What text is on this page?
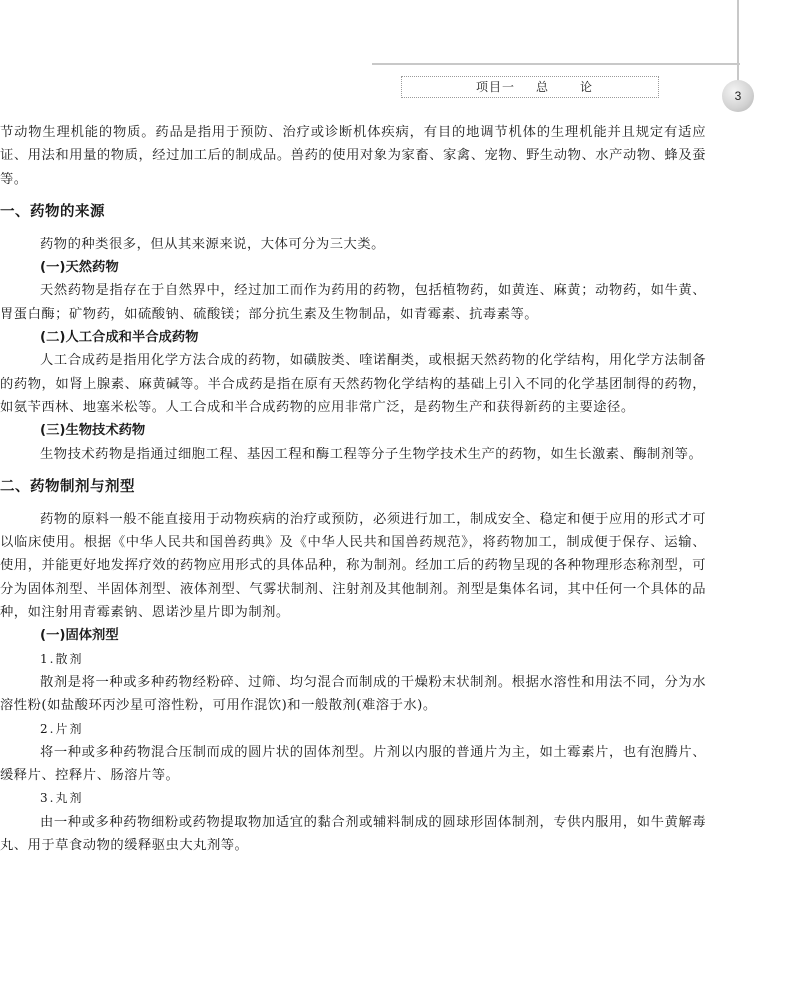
项目一 总	论
3

节动物生理机能的物质。药品是指用于预防、治疗或诊断机体疾病，有目的地调节机体的生理机能并且规定有适应证、用法和用量的物质，经过加工后的制成品。兽药的使用对象为家畜、家禽、宠物、野生动物、水产动物、蜂及蚕等。

一、药物的来源

药物的种类很多，但从其来源来说，大体可分为三大类。

(一)天然药物

天然药物是指存在于自然界中，经过加工而作为药用的药物，包括植物药，如黄连、麻黄；动物药，如牛黄、胃蛋白酶；矿物药，如硫酸钠、硫酸镁；部分抗生素及生物制品，如青霉素、抗毒素等。

(二)人工合成和半合成药物

人工合成药是指用化学方法合成的药物，如磺胺类、喹诺酮类，或根据天然药物的化学结构，用化学方法制备的药物，如肾上腺素、麻黄碱等。半合成药是指在原有天然药物化学结构的基础上引入不同的化学基团制得的药物，如氨苄西林、地塞米松等。人工合成和半合成药物的应用非常广泛，是药物生产和获得新药的主要途径。

(三)生物技术药物

生物技术药物是指通过细胞工程、基因工程和酶工程等分子生物学技术生产的药物，如生长激素、酶制剂等。

二、药物制剂与剂型

药物的原料一般不能直接用于动物疾病的治疗或预防，必须进行加工，制成安全、稳定和便于应用的形式才可以临床使用。根据《中华人民共和国兽药典》及《中华人民共和国兽药规范》，将药物加工，制成便于保存、运输、使用，并能更好地发挥疗效的药物应用形式的具体品种，称为制剂。经加工后的药物呈现的各种物理形态称剂型，可分为固体剂型、半固体剂型、液体剂型、气雾状制剂、注射剂及其他制剂。剂型是集体名词，其中任何一个具体的品种，如注射用青霉素钠、恩诺沙星片即为制剂。

(一)固体剂型
1.散剂

散剂是将一种或多种药物经粉碎、过筛、均匀混合而制成的干燥粉末状制剂。根据水溶性和用法不同，分为水溶性粉(如盐酸环丙沙星可溶性粉，可用作混饮)和一般散剂(难溶于水)。

2.片剂

将一种或多种药物混合压制而成的圆片状的固体剂型。片剂以内服的普通片为主，如土霉素片，也有泡腾片、缓释片、控释片、肠溶片等。

3.丸剂

由一种或多种药物细粉或药物提取物加适宜的黏合剂或辅料制成的圆球形固体制剂，专供内服用，如牛黄解毒丸、用于草食动物的缓释驱虫大丸剂等。
